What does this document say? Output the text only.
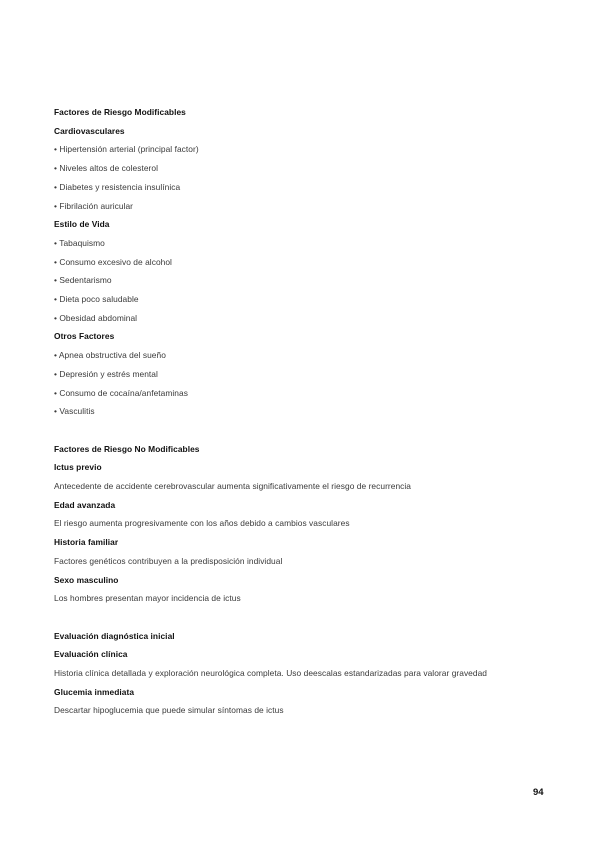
Factores de Riesgo Modificables
Cardiovasculares
• Hipertensión arterial (principal factor)
• Niveles altos de colesterol
• Diabetes y resistencia insulínica
• Fibrilación auricular
Estilo de Vida
• Tabaquismo
• Consumo excesivo de alcohol
• Sedentarismo
• Dieta poco saludable
• Obesidad abdominal
Otros Factores
• Apnea obstructiva del sueño
• Depresión y estrés mental
• Consumo de cocaína/anfetaminas
• Vasculitis
Factores de Riesgo No Modificables
Ictus previo
Antecedente de accidente cerebrovascular aumenta significativamente el riesgo de recurrencia
Edad avanzada
El riesgo aumenta progresivamente con los años debido a cambios vasculares
Historia familiar
Factores genéticos contribuyen a la predisposición individual
Sexo masculino
Los hombres presentan mayor incidencia de ictus
Evaluación diagnóstica inicial
Evaluación clínica
Historia clínica detallada y exploración neurológica completa. Uso deescalas estandarizadas para valorar gravedad
Glucemia inmediata
Descartar hipoglucemia que puede simular síntomas de ictus
94
